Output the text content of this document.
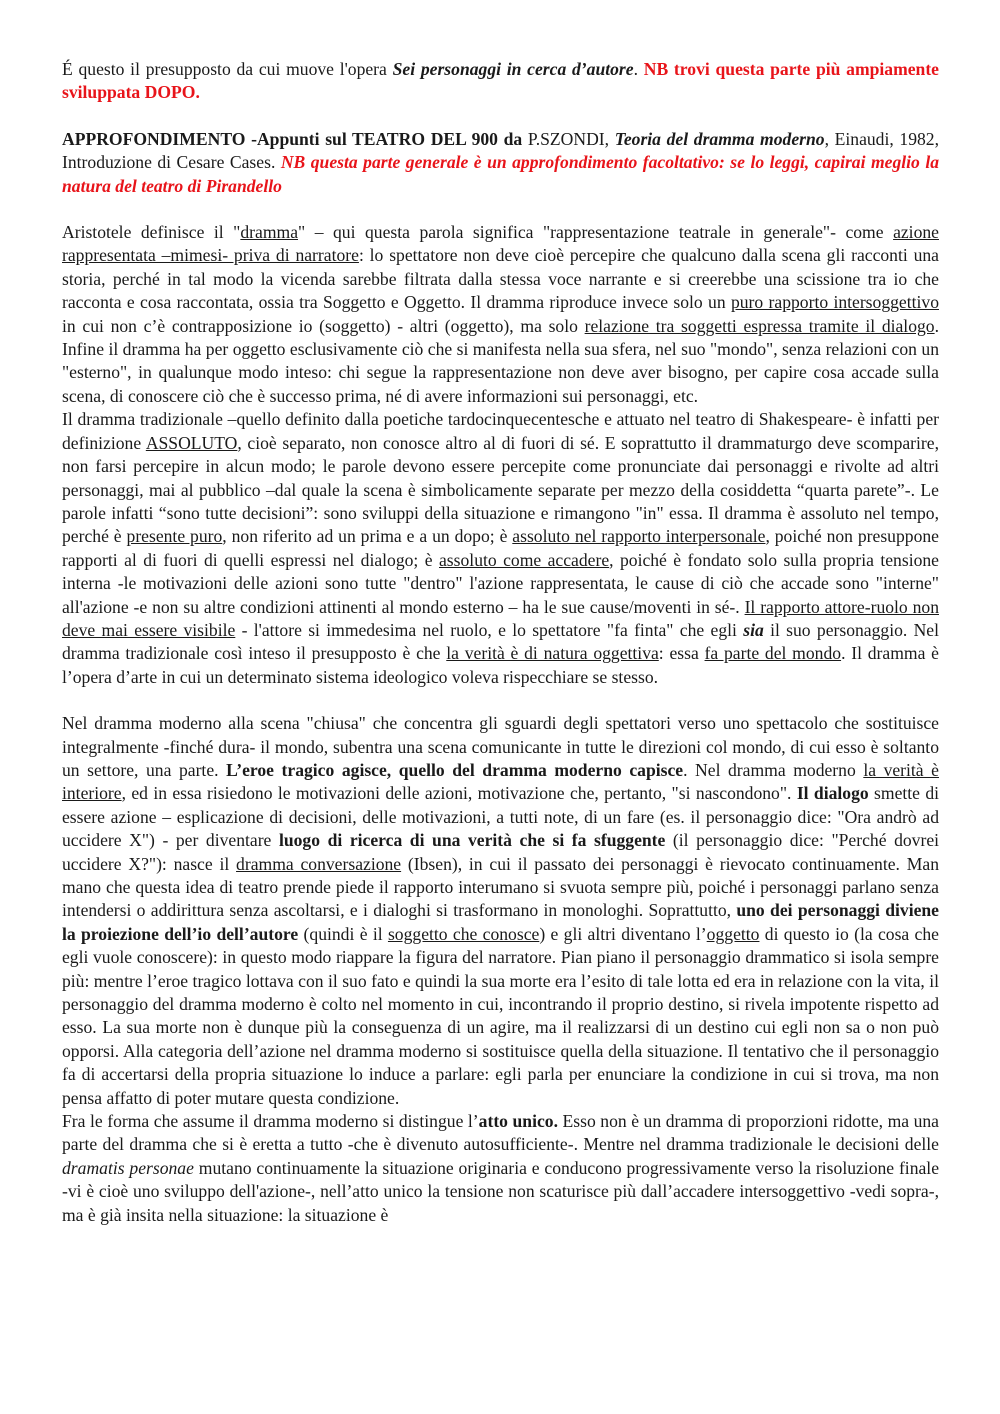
É questo il presupposto da cui muove l'opera Sei personaggi in cerca d’autore. NB trovi questa parte più ampiamente sviluppata DOPO.

APPROFONDIMENTO -Appunti sul TEATRO DEL 900 da P.SZONDI, Teoria del dramma moderno, Einaudi, 1982, Introduzione di Cesare Cases. NB questa parte generale è un approfondimento facoltativo: se lo leggi, capirai meglio la natura del teatro di Pirandello

Aristotele definisce il "dramma" – qui questa parola significa "rappresentazione teatrale in generale"- come azione rappresentata –mimesi- priva di narratore: lo spettatore non deve cioè percepire che qualcuno dalla scena gli racconti una storia, perché in tal modo la vicenda sarebbe filtrata dalla stessa voce narrante e si creerebbe una scissione tra io che racconta e cosa raccontata, ossia tra Soggetto e Oggetto. Il dramma riproduce invece solo un puro rapporto intersoggettivo in cui non c’è contrapposizione io (soggetto) - altri (oggetto), ma solo relazione tra soggetti espressa tramite il dialogo. Infine il dramma ha per oggetto esclusivamente ciò che si manifesta nella sua sfera, nel suo "mondo", senza relazioni con un "esterno", in qualunque modo inteso: chi segue la rappresentazione non deve aver bisogno, per capire cosa accade sulla scena, di conoscere ciò che è successo prima, né di avere informazioni sui personaggi, etc.

Il dramma tradizionale –quello definito dalla poetiche tardocinquecentesche e attuato nel teatro di Shakespeare- è infatti per definizione ASSOLUTO, cioè separato, non conosce altro al di fuori di sé. E soprattutto il drammaturgo deve scomparire, non farsi percepire in alcun modo; le parole devono essere percepite come pronunciate dai personaggi e rivolte ad altri personaggi, mai al pubblico –dal quale la scena è simbolicamente separate per mezzo della cosiddetta “quarta parete”-. Le parole infatti “sono tutte decisioni”: sono sviluppi della situazione e rimangono "in" essa. Il dramma è assoluto nel tempo, perché è presente puro, non riferito ad un prima e a un dopo; è assoluto nel rapporto interpersonale, poiché non presuppone rapporti al di fuori di quelli espressi nel dialogo; è assoluto come accadere, poiché è fondato solo sulla propria tensione interna -le motivazioni delle azioni sono tutte "dentro" l'azione rappresentata, le cause di ciò che accade sono "interne" all'azione -e non su altre condizioni attinenti al mondo esterno – ha le sue cause/moventi in sé-. Il rapporto attore-ruolo non deve mai essere visibile - l'attore si immedesima nel ruolo, e lo spettatore "fa finta" che egli sia il suo personaggio. Nel dramma tradizionale così inteso il presupposto è che la verità è di natura oggettiva: essa fa parte del mondo. Il dramma è l’opera d’arte in cui un determinato sistema ideologico voleva rispecchiare se stesso.

Nel dramma moderno alla scena "chiusa" che concentra gli sguardi degli spettatori verso uno spettacolo che sostituisce integralmente -finché dura- il mondo, subentra una scena comunicante in tutte le direzioni col mondo, di cui esso è soltanto un settore, una parte. L’eroe tragico agisce, quello del dramma moderno capisce. Nel dramma moderno la verità è interiore, ed in essa risiedono le motivazioni delle azioni, motivazione che, pertanto, "si nascondono". Il dialogo smette di essere azione – esplicazione di decisioni, delle motivazioni, a tutti note, di un fare (es. il personaggio dice: "Ora andrò ad uccidere X") - per diventare luogo di ricerca di una verità che si fa sfuggente (il personaggio dice: "Perché dovrei uccidere X?"): nasce il dramma conversazione (Ibsen), in cui il passato dei personaggi è rievocato continuamente. Man mano che questa idea di teatro prende piede il rapporto interumano si svuota sempre più, poiché i personaggi parlano senza intendersi o addirittura senza ascoltarsi, e i dialoghi si trasformano in monologhi. Soprattutto, uno dei personaggi diviene la proiezione dell’io dell’autore (quindi è il soggetto che conosce) e gli altri diventano l’oggetto di questo io (la cosa che egli vuole conoscere): in questo modo riappare la figura del narratore. Pian piano il personaggio drammatico si isola sempre più: mentre l’eroe tragico lottava con il suo fato e quindi la sua morte era l’esito di tale lotta ed era in relazione con la vita, il personaggio del dramma moderno è colto nel momento in cui, incontrando il proprio destino, si rivela impotente rispetto ad esso. La sua morte non è dunque più la conseguenza di un agire, ma il realizzarsi di un destino cui egli non sa o non può opporsi. Alla categoria dell’azione nel dramma moderno si sostituisce quella della situazione. Il tentativo che il personaggio fa di accertarsi della propria situazione lo induce a parlare: egli parla per enunciare la condizione in cui si trova, ma non pensa affatto di poter mutare questa condizione.

Fra le forma che assume il dramma moderno si distingue l’atto unico. Esso non è un dramma di proporzioni ridotte, ma una parte del dramma che si è eretta a tutto -che è divenuto autosufficiente-. Mentre nel dramma tradizionale le decisioni delle dramatis personae mutano continuamente la situazione originaria e conducono progressivamente verso la risoluzione finale -vi è cioè uno sviluppo dell'azione-, nell’atto unico la tensione non scaturisce più dall’accadere intersoggettivo -vedi sopra-, ma è già insita nella situazione: la situazione è
